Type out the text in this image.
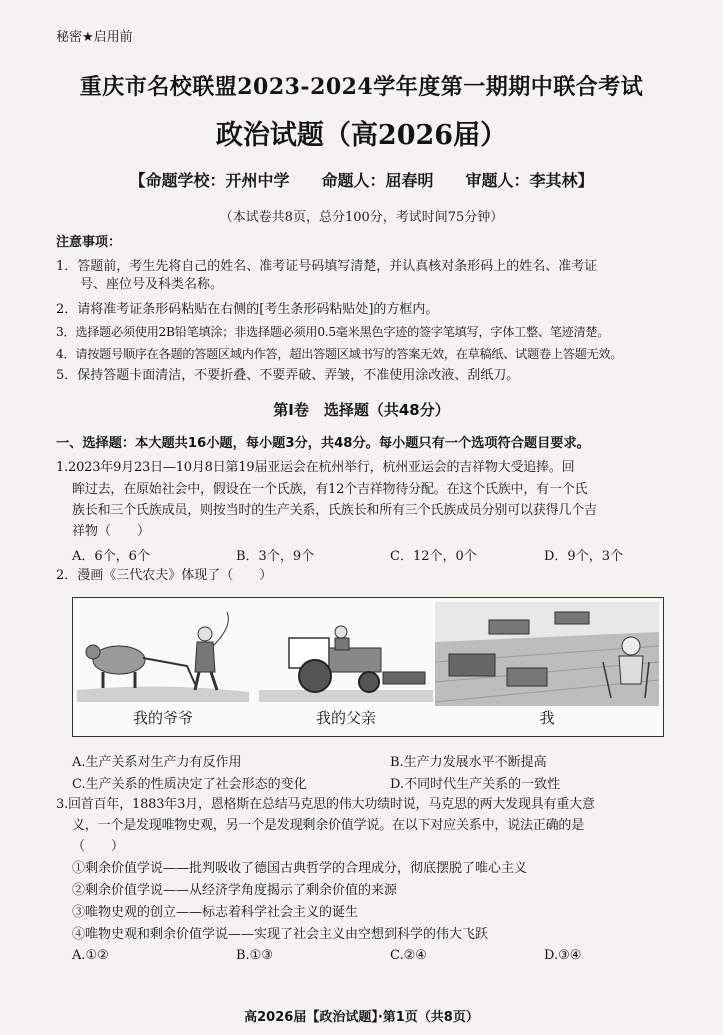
秘密★启用前
重庆市名校联盟2023-2024学年度第一期期中联合考试
政治试题（高2026届）
【命题学校：开州中学　　命题人：屈春明　　审题人：李其林】
（本试卷共8页，总分100分，考试时间75分钟）
注意事项：
1．答题前，考生先将自己的姓名、准考证号码填写清楚，并认真核对条形码上的姓名、准考证
号、座位号及科类名称。
2．请将准考证条形码粘贴在右侧的[考生条形码粘贴处]的方框内。
3．选择题必须使用2B铅笔填涂；非选择题必须用0.5毫米黑色字迹的签字笔填写，字体工整、笔迹清楚。
4．请按题号顺序在各题的答题区域内作答，超出答题区域书写的答案无效，在草稿纸、试题卷上答题无效。
5．保持答题卡面清洁，不要折叠、不要弄破、弄皱，不准使用涂改液、刮纸刀。
第Ⅰ卷　选择题（共48分）
一、选择题：本大题共16小题，每小题3分，共48分。每小题只有一个选项符合题目要求。
1.2023年9月23日—10月8日第19届亚运会在杭州举行，杭州亚运会的吉祥物大受追捧。回
眸过去，在原始社会中，假设在一个氏族，有12个吉祥物待分配。在这个氏族中，有一个氏
族长和三个氏族成员，则按当时的生产关系，氏族长和所有三个氏族成员分别可以获得几个吉
祥物（　　）
A．6个，6个	B．3个，9个	C．12个，0个	D．9个，3个
2．漫画《三代农夫》体现了（　　）
我的爷爷	我的父亲	我
A.生产关系对生产力有反作用	B.生产力发展水平不断提高
C.生产关系的性质决定了社会形态的变化	D.不同时代生产关系的一致性
3.回首百年，1883年3月，恩格斯在总结马克思的伟大功绩时说，马克思的两大发现具有重大意
义，一个是发现唯物史观，另一个是发现剩余价值学说。在以下对应关系中，说法正确的是
（　　）
①剩余价值学说——批判吸收了德国古典哲学的合理成分，彻底摆脱了唯心主义
②剩余价值学说——从经济学角度揭示了剩余价值的来源
③唯物史观的创立——标志着科学社会主义的诞生
④唯物史观和剩余价值学说——实现了社会主义由空想到科学的伟大飞跃
A.①②	B.①③	C.②④	D.③④
高2026届【政治试题】·第1页（共8页）
